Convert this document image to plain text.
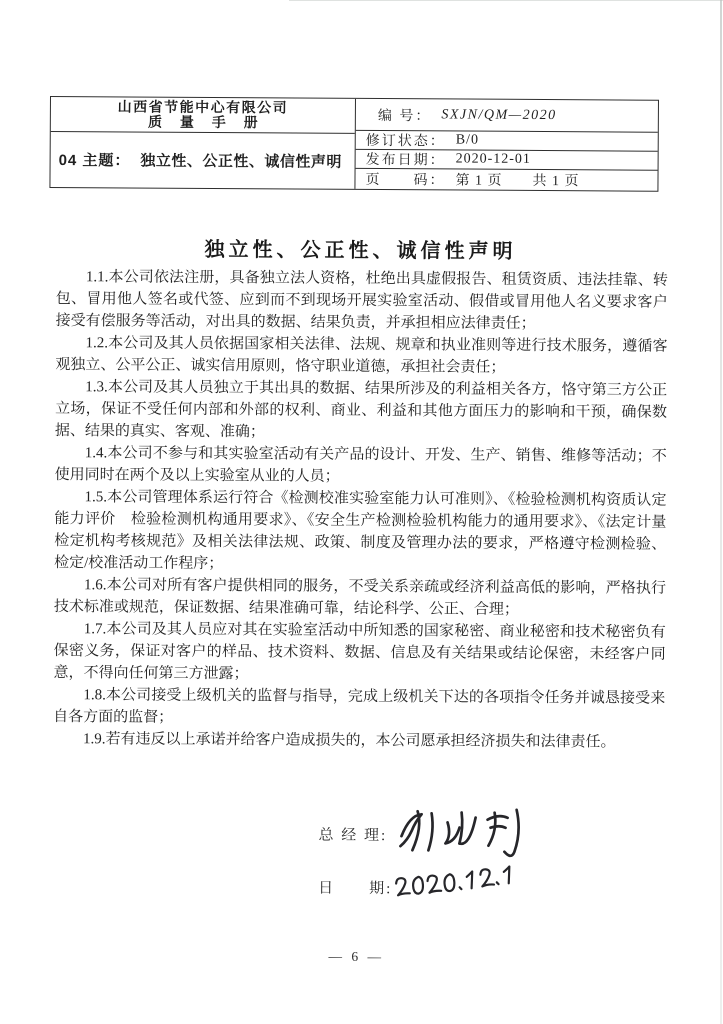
山西省节能中心有限公司
质 量 手 册
04 主题： 独立性、公正性、诚信性声明
编 号： SXJN/QM—2020
修订状态： B/0
发布日期： 2020-12-01
页　　码： 第 1 页　　共 1 页
独立性、公正性、诚信性声明

1.1.本公司依法注册，具备独立法人资格，杜绝出具虚假报告、租赁资质、违法挂靠、转包、冒用他人签名或代签、应到而不到现场开展实验室活动、假借或冒用他人名义要求客户接受有偿服务等活动，对出具的数据、结果负责，并承担相应法律责任；

1.2.本公司及其人员依据国家相关法律、法规、规章和执业准则等进行技术服务，遵循客观独立、公平公正、诚实信用原则，恪守职业道德，承担社会责任；

1.3.本公司及其人员独立于其出具的数据、结果所涉及的利益相关各方，恪守第三方公正立场，保证不受任何内部和外部的权利、商业、利益和其他方面压力的影响和干预，确保数据、结果的真实、客观、准确；

1.4.本公司不参与和其实验室活动有关产品的设计、开发、生产、销售、维修等活动；不使用同时在两个及以上实验室从业的人员；

1.5.本公司管理体系运行符合《检测校准实验室能力认可准则》、《检验检测机构资质认定能力评价　检验检测机构通用要求》、《安全生产检测检验机构能力的通用要求》、《法定计量检定机构考核规范》及相关法律法规、政策、制度及管理办法的要求，严格遵守检测检验、检定/校准活动工作程序；

1.6.本公司对所有客户提供相同的服务，不受关系亲疏或经济利益高低的影响，严格执行技术标准或规范，保证数据、结果准确可靠，结论科学、公正、合理；

1.7.本公司及其人员应对其在实验室活动中所知悉的国家秘密、商业秘密和技术秘密负有保密义务，保证对客户的样品、技术资料、数据、信息及有关结果或结论保密，未经客户同意，不得向任何第三方泄露；

1.8.本公司接受上级机关的监督与指导，完成上级机关下达的各项指令任务并诚恳接受来自各方面的监督；

1.9.若有违反以上承诺并给客户造成损失的，本公司愿承担经济损失和法律责任。

总 经 理:
日　　期:
— 6 —
